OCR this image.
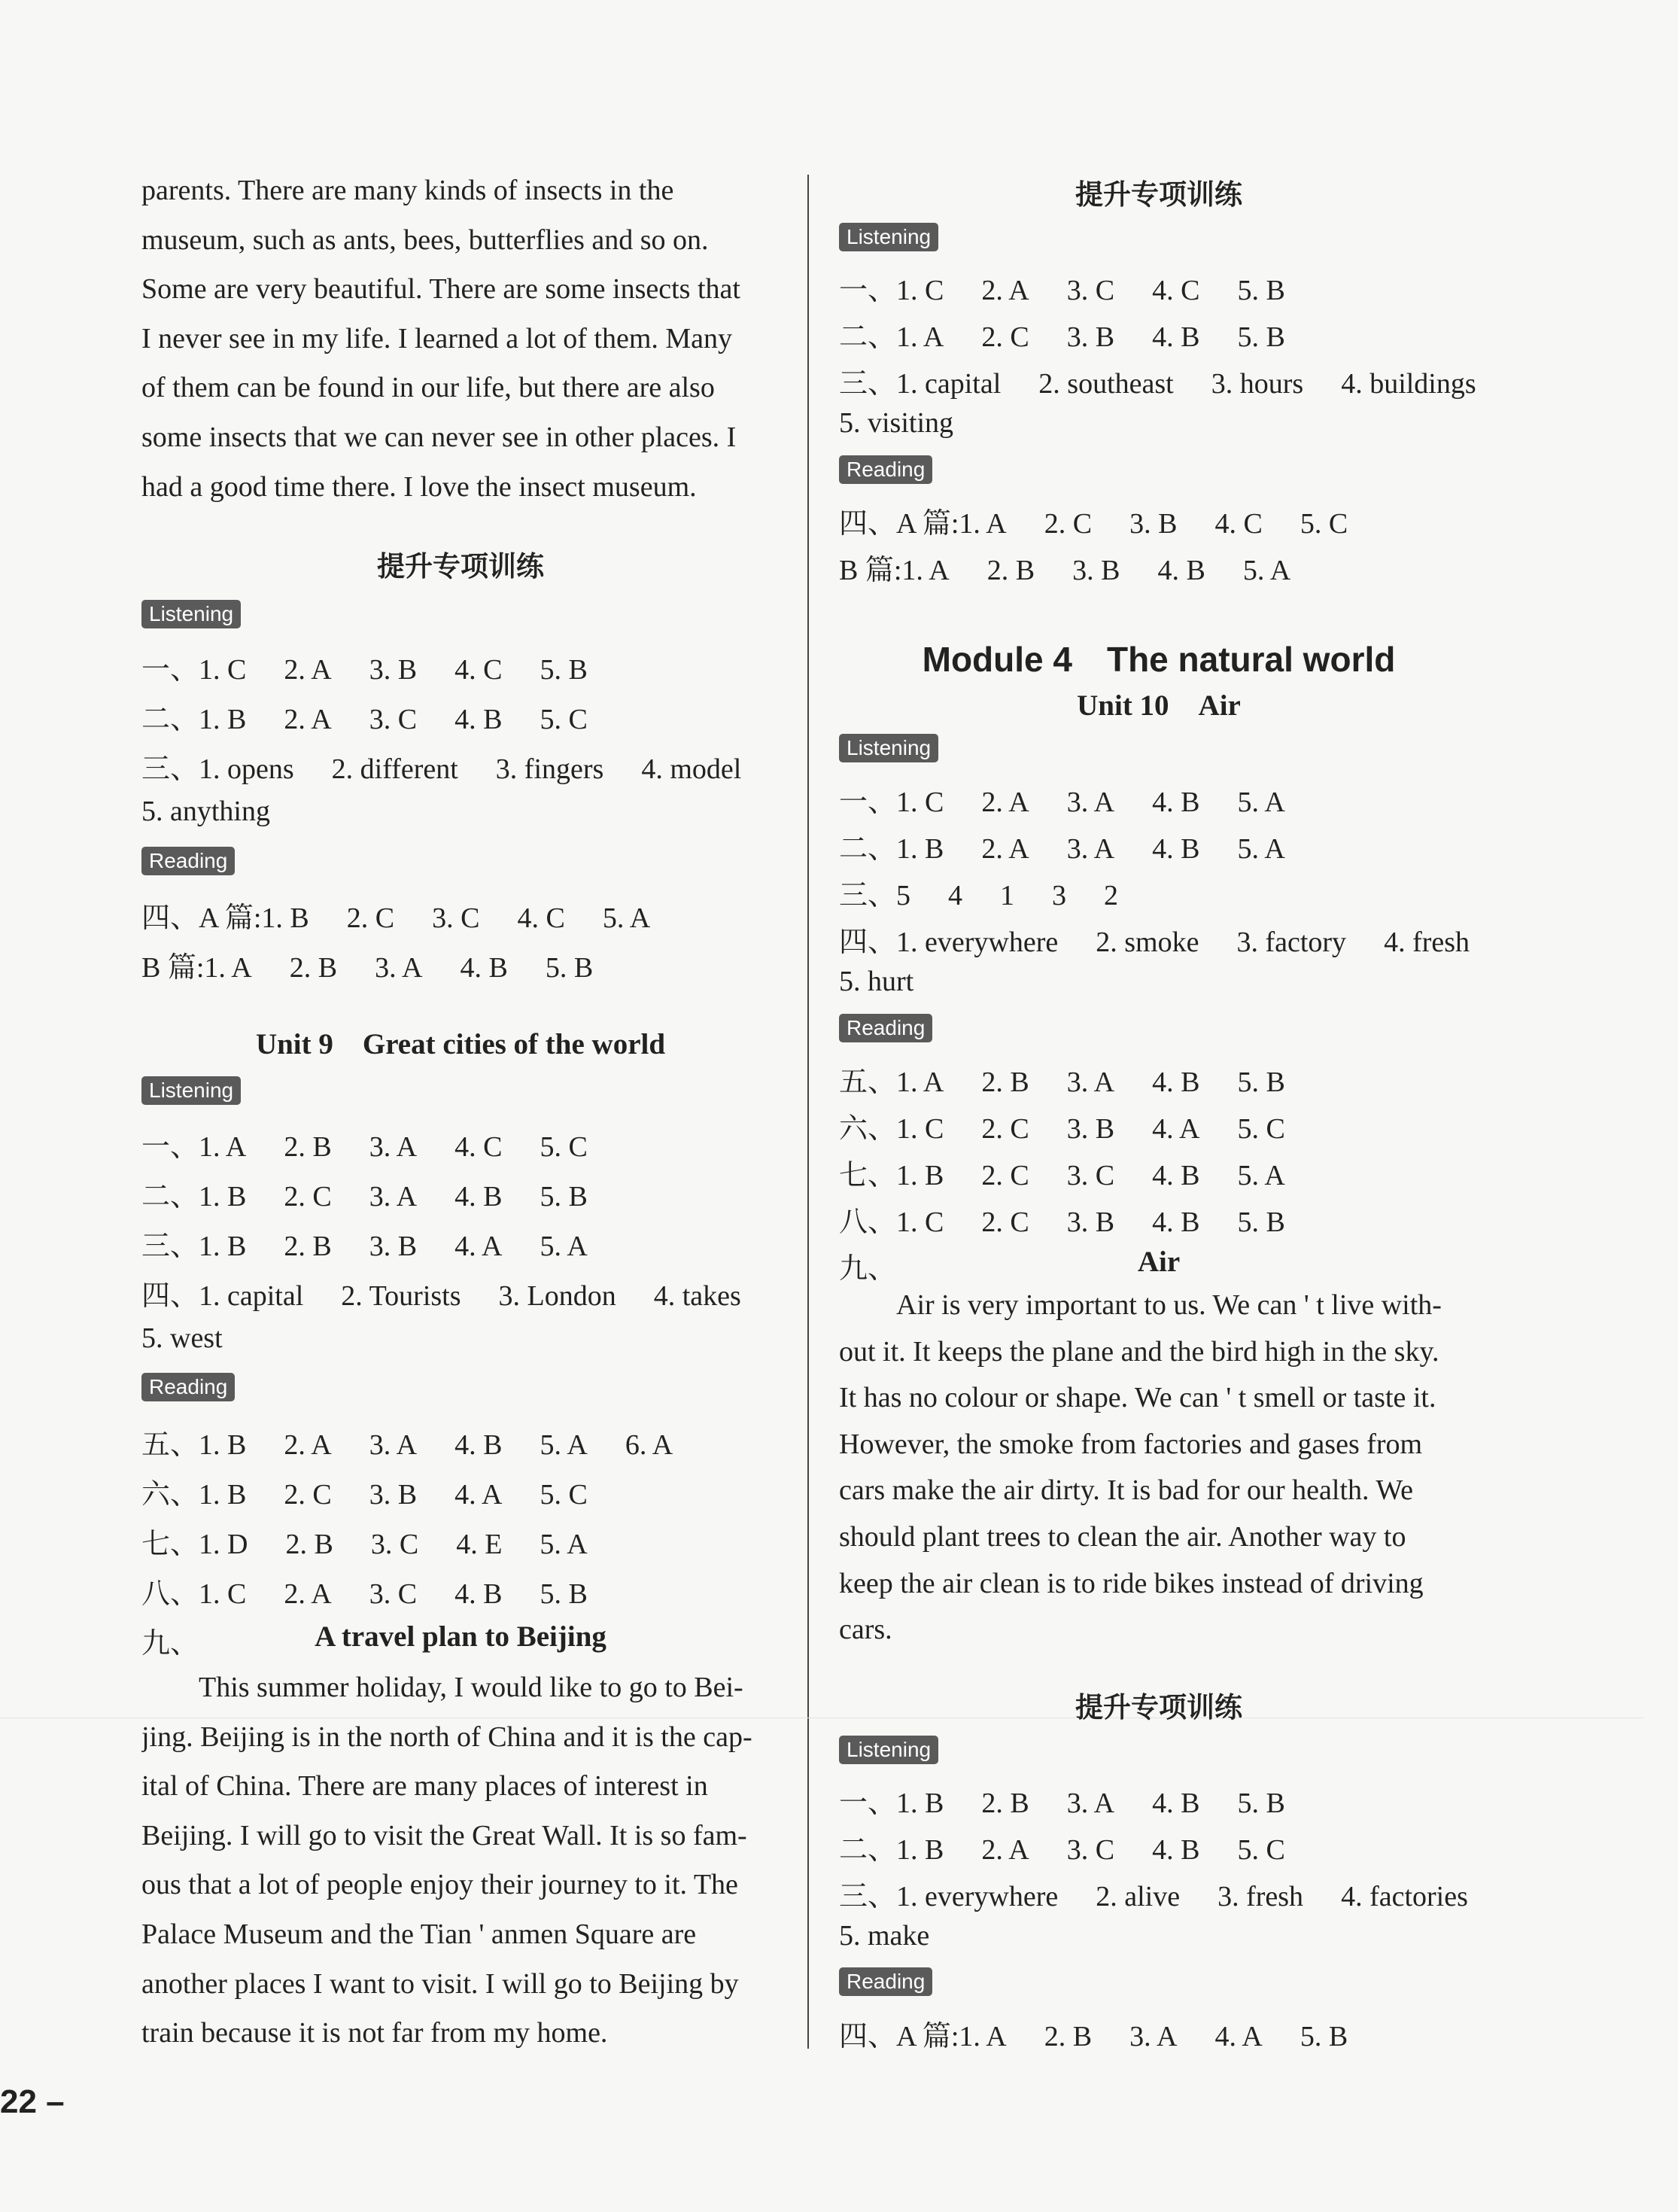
parents. There are many kinds of insects in the
museum, such as ants, bees, butterflies and so on.
Some are very beautiful. There are some insects that
I never see in my life. I learned a lot of them. Many
of them can be found in our life, but there are also
some insects that we can never see in other places. I
had a good time there. I love the insect museum.
提升专项训练
Listening
一、1. C 2. A 3. B 4. C 5. B
二、1. B 2. A 3. C 4. B 5. C
三、1. opens 2. different 3. fingers 4. model
5. anything
Reading
四、A 篇:1. B 2. C 3. C 4. C 5. A
B 篇:1. A 2. B 3. A 4. B 5. B
Unit 9　Great cities of the world
Listening
一、1. A 2. B 3. A 4. C 5. C
二、1. B 2. C 3. A 4. B 5. B
三、1. B 2. B 3. B 4. A 5. A
四、1. capital 2. Tourists 3. London 4. takes
5. west
Reading
五、1. B 2. A 3. A 4. B 5. A 6. A
六、1. B 2. C 3. B 4. A 5. C
七、1. D 2. B 3. C 4. E 5. A
八、1. C 2. A 3. C 4. B 5. B
九、	A travel plan to Beijing
　　This summer holiday, I would like to go to Bei-
jing. Beijing is in the north of China and it is the cap-
ital of China. There are many places of interest in
Beijing. I will go to visit the Great Wall. It is so fam-
ous that a lot of people enjoy their journey to it. The
Palace Museum and the Tian ' anmen Square are
another places I want to visit. I will go to Beijing by
train because it is not far from my home.
提升专项训练
Listening
一、1. C 2. A 3. C 4. C 5. B
二、1. A 2. C 3. B 4. B 5. B
三、1. capital 2. southeast 3. hours 4. buildings
5. visiting
Reading
四、A 篇:1. A 2. C 3. B 4. C 5. C
B 篇:1. A 2. B 3. B 4. B 5. A
Module 4　The natural world
Unit 10　Air
Listening
一、1. C 2. A 3. A 4. B 5. A
二、1. B 2. A 3. A 4. B 5. A
三、5 4 1 3 2
四、1. everywhere 2. smoke 3. factory 4. fresh
5. hurt
Reading
五、1. A 2. B 3. A 4. B 5. B
六、1. C 2. C 3. B 4. A 5. C
七、1. B 2. C 3. C 4. B 5. A
八、1. C 2. C 3. B 4. B 5. B
九、	Air
　　Air is very important to us. We can ' t live with-
out it. It keeps the plane and the bird high in the sky.
It has no colour or shape. We can ' t smell or taste it.
However, the smoke from factories and gases from
cars make the air dirty. It is bad for our health. We
should plant trees to clean the air. Another way to
keep the air clean is to ride bikes instead of driving
cars.
提升专项训练
Listening
一、1. B 2. B 3. A 4. B 5. B
二、1. B 2. A 3. C 4. B 5. C
三、1. everywhere 2. alive 3. fresh 4. factories
5. make
Reading
四、A 篇:1. A 2. B 3. A 4. A 5. B
22 –
